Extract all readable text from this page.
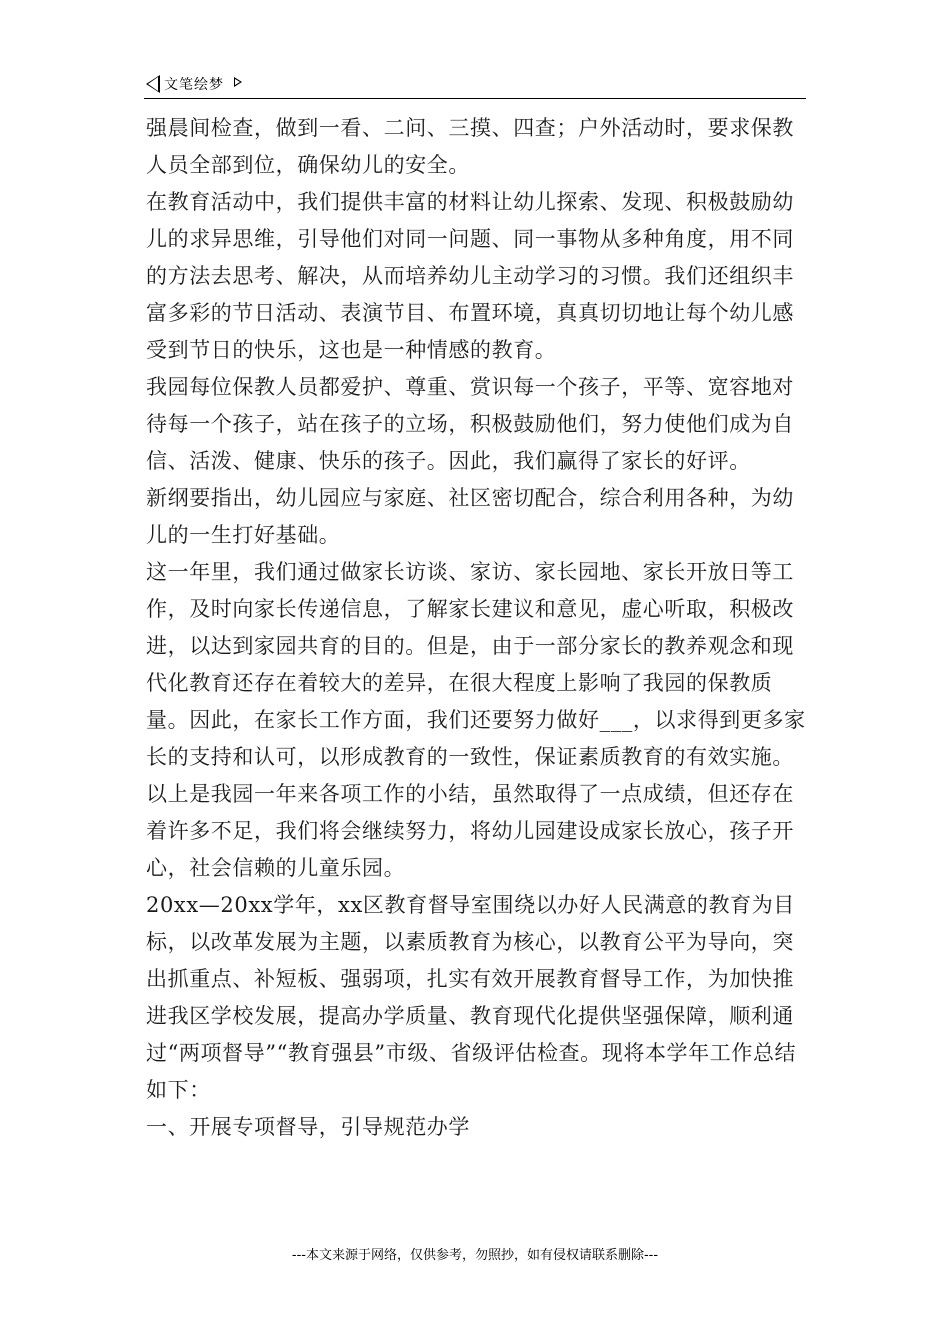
文笔绘梦

强晨间检查，做到一看、二问、三摸、四查；户外活动时，要求保教人员全部到位，确保幼儿的安全。

在教育活动中，我们提供丰富的材料让幼儿探索、发现、积极鼓励幼儿的求异思维，引导他们对同一问题、同一事物从多种角度，用不同的方法去思考、解决，从而培养幼儿主动学习的习惯。我们还组织丰富多彩的节日活动、表演节目、布置环境，真真切切地让每个幼儿感受到节日的快乐，这也是一种情感的教育。

我园每位保教人员都爱护、尊重、赏识每一个孩子，平等、宽容地对待每一个孩子，站在孩子的立场，积极鼓励他们，努力使他们成为自信、活泼、健康、快乐的孩子。因此，我们赢得了家长的好评。

新纲要指出，幼儿园应与家庭、社区密切配合，综合利用各种，为幼儿的一生打好基础。

这一年里，我们通过做家长访谈、家访、家长园地、家长开放日等工作，及时向家长传递信息，了解家长建议和意见，虚心听取，积极改进，以达到家园共育的目的。但是，由于一部分家长的教养观念和现代化教育还存在着较大的差异，在很大程度上影响了我园的保教质量。因此，在家长工作方面，我们还要努力做好___，以求得到更多家长的支持和认可，以形成教育的一致性，保证素质教育的有效实施。

以上是我园一年来各项工作的小结，虽然取得了一点成绩，但还存在着许多不足，我们将会继续努力，将幼儿园建设成家长放心，孩子开心，社会信赖的儿童乐园。

20xx—20xx学年，xx区教育督导室围绕以办好人民满意的教育为目标，以改革发展为主题，以素质教育为核心，以教育公平为导向，突出抓重点、补短板、强弱项，扎实有效开展教育督导工作，为加快推进我区学校发展，提高办学质量、教育现代化提供坚强保障，顺利通过“两项督导”“教育强县”市级、省级评估检查。现将本学年工作总结如下：

一、开展专项督导，引导规范办学

---本文来源于网络，仅供参考，勿照抄，如有侵权请联系删除---
